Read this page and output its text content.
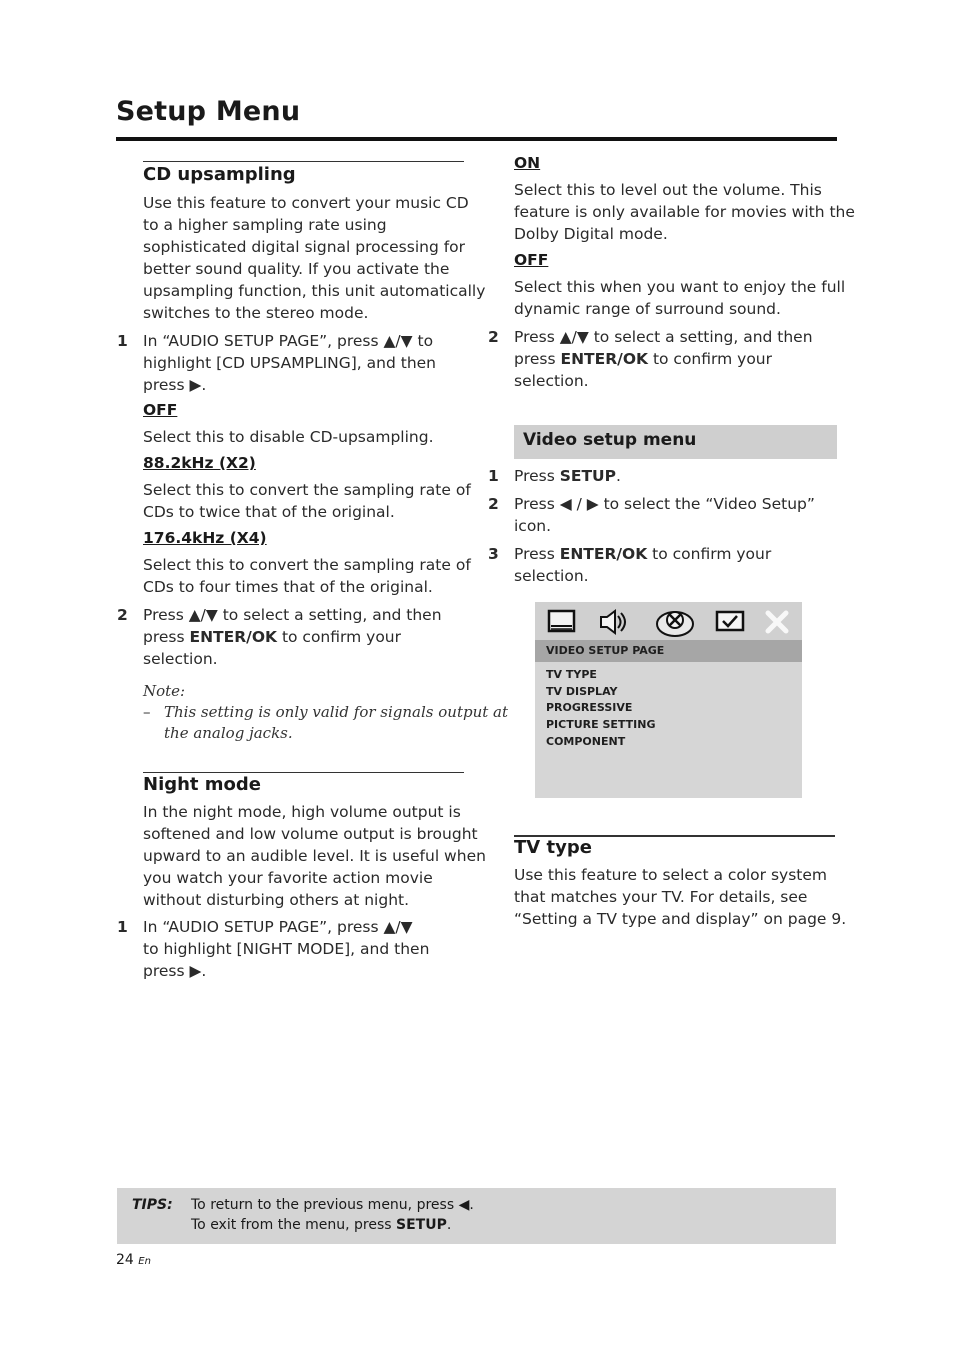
Setup Menu
CD upsampling
Use this feature to convert your music CD
to a higher sampling rate using
sophisticated digital signal processing for
better sound quality. If you activate the
upsampling function, this unit automatically
switches to the stereo mode.
1 In “AUDIO SETUP PAGE”, press ▲/▼ to
highlight [CD UPSAMPLING], and then
press ▶.
OFF
Select this to disable CD-upsampling.
88.2kHz (X2)
Select this to convert the sampling rate of
CDs to twice that of the original.
176.4kHz (X4)
Select this to convert the sampling rate of
CDs to four times that of the original.
2 Press ▲/▼ to select a setting, and then
press ENTER/OK to confirm your
selection.
Note:
– This setting is only valid for signals output at
the analog jacks.
Night mode
In the night mode, high volume output is
softened and low volume output is brought
upward to an audible level. It is useful when
you watch your favorite action movie
without disturbing others at night.
1 In “AUDIO SETUP PAGE”, press ▲/▼
to highlight [NIGHT MODE], and then
press ▶.
ON
Select this to level out the volume. This
feature is only available for movies with the
Dolby Digital mode.
OFF
Select this when you want to enjoy the full
dynamic range of surround sound.
2 Press ▲/▼ to select a setting, and then
press ENTER/OK to confirm your
selection.
Video setup menu
1 Press SETUP.
2 Press ◀ / ▶ to select the “Video Setup”
icon.
3 Press ENTER/OK to confirm your
selection.
VIDEO SETUP PAGE
TV TYPE
TV DISPLAY
PROGRESSIVE
PICTURE SETTING
COMPONENT
TV type
Use this feature to select a color system
that matches your TV. For details, see
“Setting a TV type and display” on page 9.
TIPS: To return to the previous menu, press ◀.
To exit from the menu, press SETUP.
24 En
